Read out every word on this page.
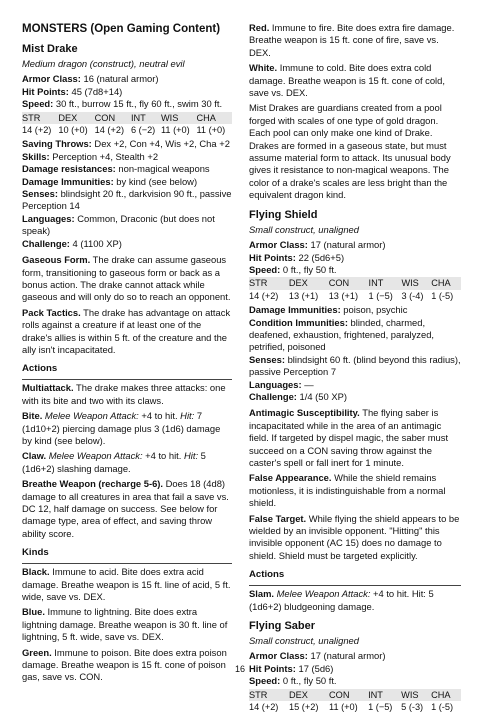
MONSTERS (Open Gaming Content)
Mist Drake
Medium dragon (construct), neutral evil

Armor Class: 16 (natural armor)

Hit Points: 45 (7d8+14)

Speed: 30 ft., burrow 15 ft., fly 60 ft., swim 30 ft.

STR	DEX	CON	INT	WIS	CHA
14 (+2)	10 (+0)	14 (+2)	6 (−2)	11 (+0)	11 (+0)

Saving Throws: Dex +2, Con +4, Wis +2, Cha +2

Skills: Perception +4, Stealth +2

Damage resistances: non-magical weapons

Damage Immunities: by kind (see below)

Senses: blindsight 20 ft., darkvision 90 ft., passive Perception 14

Languages: Common, Draconic (but does not speak)

Challenge: 4 (1100 XP)

Gaseous Form. The drake can assume gaseous form, transitioning to gaseous form or back as a bonus action. The drake cannot attack while gaseous and will only do so to reach an opponent.

Pack Tactics. The drake has advantage on attack rolls against a creature if at least one of the drake's allies is within 5 ft. of the creature and the ally isn't incapacitated.

Actions

Multiattack. The drake makes three attacks: one with its bite and two with its claws.

Bite. Melee Weapon Attack: +4 to hit. Hit: 7 (1d10+2) piercing damage plus 3 (1d6) damage by kind (see below).

Claw. Melee Weapon Attack: +4 to hit. Hit: 5 (1d6+2) slashing damage.

Breathe Weapon (recharge 5-6). Does 18 (4d8) damage to all creatures in area that fail a save vs. DC 12, half damage on success. See below for damage type, area of effect, and saving throw ability score.

Kinds

Black. Immune to acid. Bite does extra acid damage. Breathe weapon is 15 ft. line of acid, 5 ft. wide, save vs. DEX.

Blue. Immune to lightning. Bite does extra lightning damage. Breathe weapon is 30 ft. line of lightning, 5 ft. wide, save vs. DEX.

Green. Immune to poison. Bite does extra poison damage. Breathe weapon is 15 ft. cone of poison gas, save vs. CON.

Red. Immune to fire. Bite does extra fire damage. Breathe weapon is 15 ft. cone of fire, save vs. DEX.

White. Immune to cold. Bite does extra cold damage. Breathe weapon is 15 ft. cone of cold, save vs. DEX.

Mist Drakes are guardians created from a pool forged with scales of one type of gold dragon. Each pool can only make one kind of Drake. Drakes are formed in a gaseous state, but must assume material form to attack. Its unusual body gives it resistance to non-magical weapons. The color of a drake's scales are less bright than the equivalent dragon kind.

Flying Shield
Small construct, unaligned

Armor Class: 17 (natural armor)

Hit Points: 22 (5d6+5)

Speed: 0 ft., fly 50 ft.

STR	DEX	CON	INT	WIS	CHA
14 (+2)	13 (+1)	13 (+1)	1 (−5)	3 (-4)	1 (-5)

Damage Immunities: poison, psychic

Condition Immunities: blinded, charmed, deafened, exhaustion, frightened, paralyzed, petrified, poisoned

Senses: blindsight 60 ft. (blind beyond this radius), passive Perception 7

Languages: —

Challenge: 1/4 (50 XP)

Antimagic Susceptibility. The flying saber is incapacitated while in the area of an antimagic field. If targeted by dispel magic, the saber must succeed on a CON saving throw against the caster's spell or fall inert for 1 minute.

False Appearance. While the shield remains motionless, it is indistinguishable from a normal shield.

False Target. While flying the shield appears to be wielded by an invisible opponent. "Hitting" this invisible opponent (AC 15) does no damage to shield. Shield must be targeted explicitly.

Actions

Slam. Melee Weapon Attack: +4 to hit. Hit: 5 (1d6+2) bludgeoning damage.

Flying Saber
Small construct, unaligned

Armor Class: 17 (natural armor)

Hit Points: 17 (5d6)

Speed: 0 ft., fly 50 ft.

STR	DEX	CON	INT	WIS	CHA
14 (+2)	15 (+2)	11 (+0)	1 (−5)	5 (-3)	1 (-5)
16
